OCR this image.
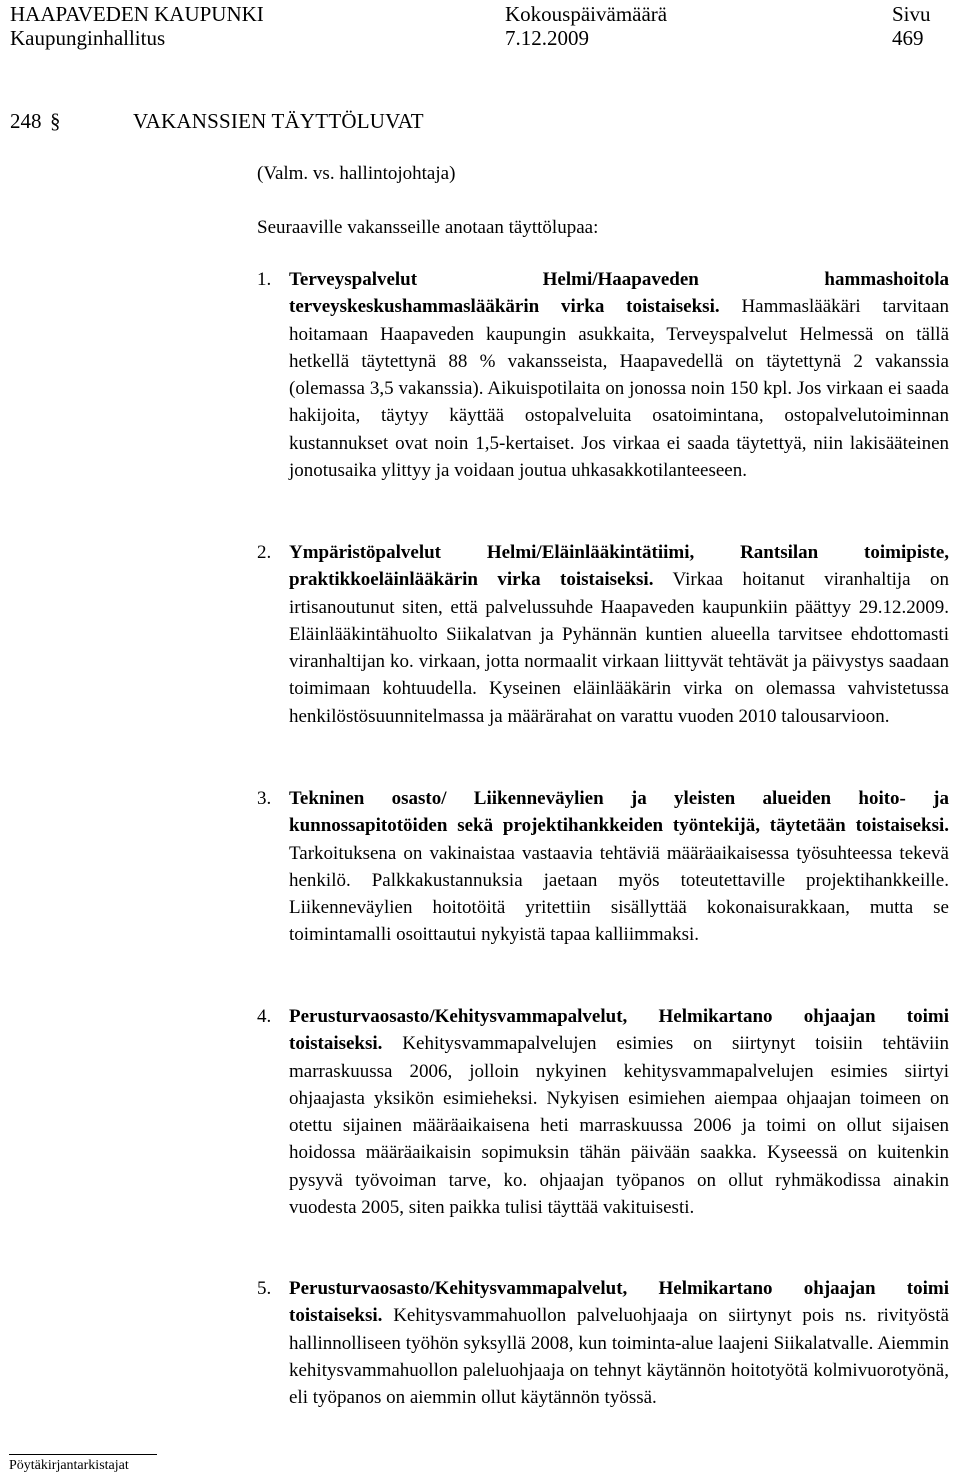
HAAPAVEDEN KAUPUNKI
Kaupunginhallitus
Kokouspäivämäärä
7.12.2009
Sivu
469
248 §	VAKANSSIEN TÄYTTÖLUVAT
(Valm. vs. hallintojohtaja)
Seuraaville vakansseille anotaan täyttölupaa:
1. Terveyspalvelut Helmi/Haapaveden hammashoitola terveyskeskushammaslääkärin virka toistaiseksi. Hammaslääkäri tarvitaan hoitamaan Haapaveden kaupungin asukkaita, Terveyspalvelut Helmessä on tällä hetkellä täytettynä 88 % vakansseista, Haapavedellä on täytettynä 2 vakanssia (olemassa 3,5 vakanssia). Aikuispotilaita on jonossa noin 150 kpl. Jos virkaan ei saada hakijoita, täytyy käyttää ostopalveluita osatoimintana, ostopalvelutoiminnan kustannukset ovat noin 1,5-kertaiset. Jos virkaa ei saada täytettyä, niin lakisääteinen jonotusaika ylittyy ja voidaan joutua uhkasakkotilanteeseen.
2. Ympäristöpalvelut Helmi/Eläinlääkintätiimi, Rantsilan toimipiste, praktikkoeläinlääkärin virka toistaiseksi. Virkaa hoitanut viranhaltija on irtisanoutunut siten, että palvelussuhde Haapaveden kaupunkiin päättyy 29.12.2009. Eläinlääkintähuolto Siikalatvan ja Pyhännän kuntien alueella tarvitsee ehdottomasti viranhaltijan ko. virkaan, jotta normaalit virkaan liittyvät tehtävät ja päivystys saadaan toimimaan kohtuudella. Kyseinen eläinlääkärin virka on olemassa vahvistetussa henkilöstösuunnitelmassa ja määrärahat on varattu vuoden 2010 talousarvioon.
3. Tekninen osasto/ Liikenneväylien ja yleisten alueiden hoito- ja kunnossapitotöiden sekä projektihankkeiden työntekijä, täytetään toistaiseksi. Tarkoituksena on vakinaistaa vastaavia tehtäviä määräaikaisessa työsuhteessa tekevä henkilö. Palkkakustannuksia jaetaan myös toteutettaville projektihankkeille. Liikenneväylien hoitotöitä yritettiin sisällyttää kokonaisurakkaan, mutta se toimintamalli osoittautui nykyistä tapaa kalliimmaksi.
4. Perusturvaosasto/Kehitysvammapalvelut, Helmikartano ohjaajan toimi toistaiseksi. Kehitysvammapalvelujen esimies on siirtynyt toisiin tehtäviin marraskuussa 2006, jolloin nykyinen kehitysvammapalvelujen esimies siirtyi ohjaajasta yksikön esimieheksi. Nykyisen esimiehen aiempaa ohjaajan toimeen on otettu sijainen määräaikaisena heti marraskuussa 2006 ja toimi on ollut sijaisen hoidossa määräaikaisin sopimuksin tähän päivään saakka. Kyseessä on kuitenkin pysyvä työvoiman tarve, ko. ohjaajan työpanos on ollut ryhmäkodissa ainakin vuodesta 2005, siten paikka tulisi täyttää vakituisesti.
5. Perusturvaosasto/Kehitysvammapalvelut, Helmikartano ohjaajan toimi toistaiseksi. Kehitysvammahuollon palveluohjaaja on siirtynyt pois ns. rivityöstä hallinnolliseen työhön syksyllä 2008, kun toiminta-alue laajeni Siikalatvalle. Aiemmin kehitysvammahuollon paleluohjaaja on tehnyt käytännön hoitotyötä kolmivuorotyönä, eli työpanos on aiemmin ollut käytännön työssä.
Pöytäkirjantarkistajat
